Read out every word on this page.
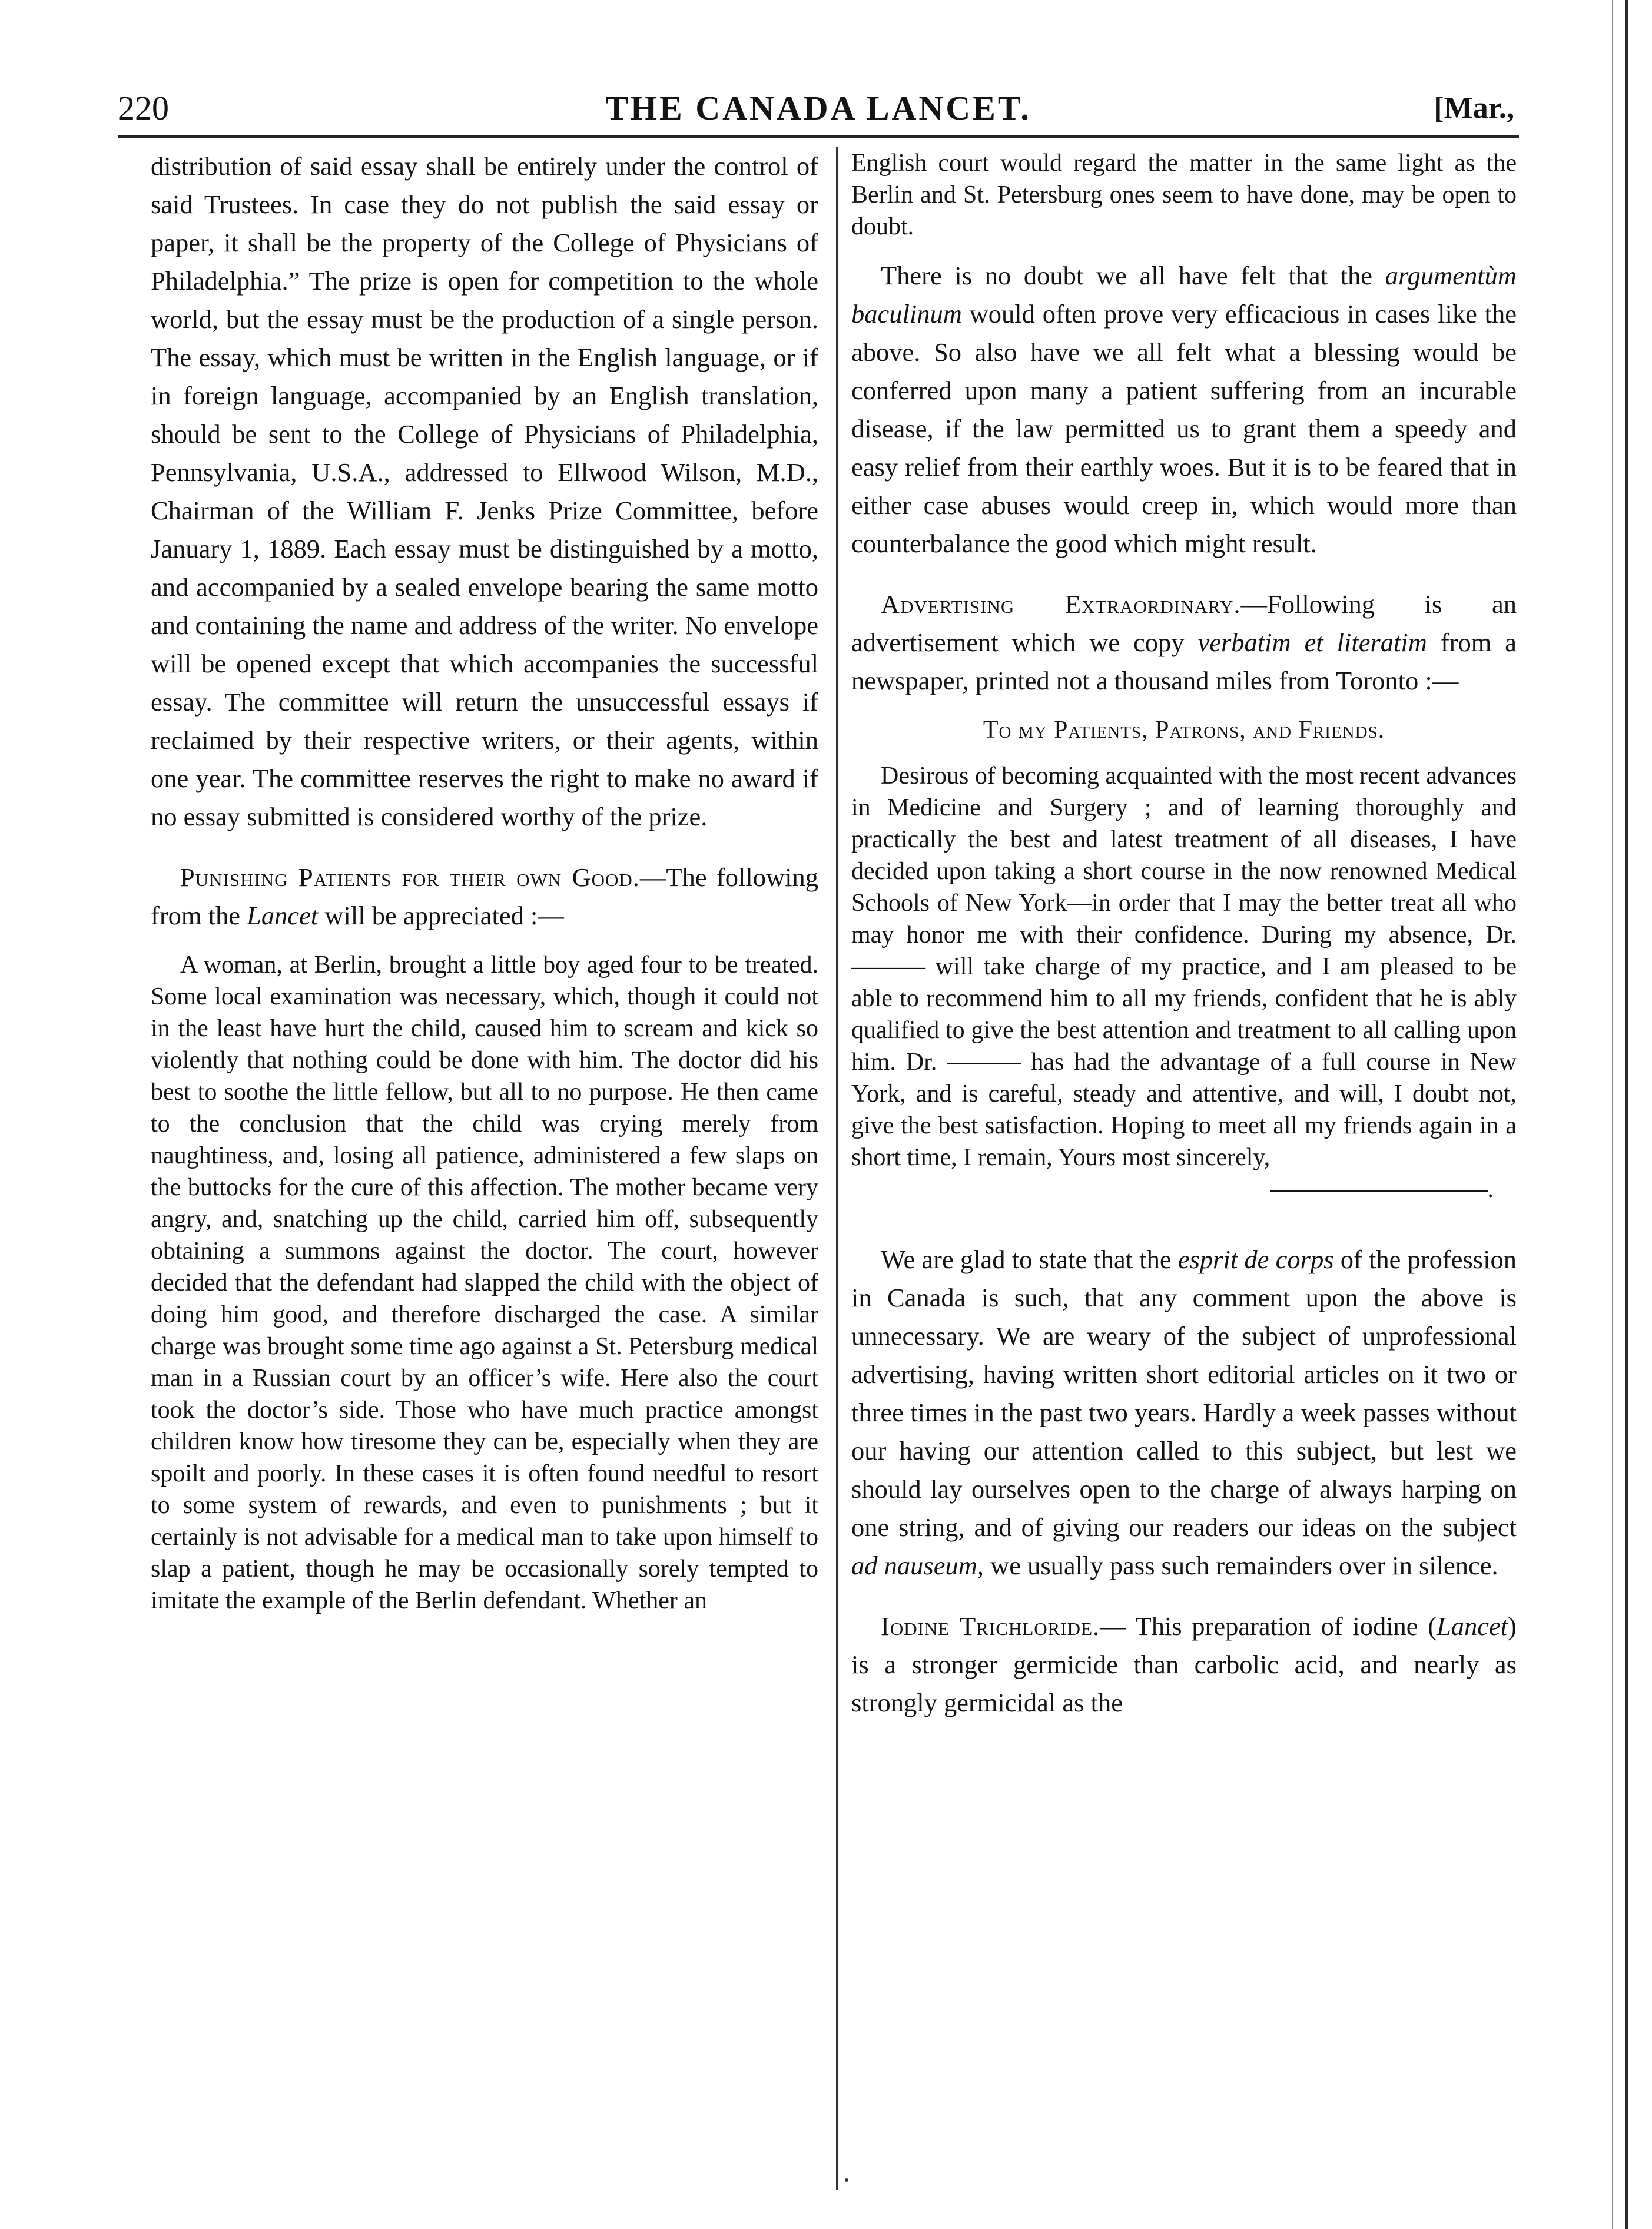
220	THE CANADA LANCET.	[Mar.,

distribution of said essay shall be entirely under the control of said Trustees. In case they do not publish the said essay or paper, it shall be the property of the College of Physicians of Philadelphia.” The prize is open for competition to the whole world, but the essay must be the production of a single person. The essay, which must be written in the English language, or if in foreign language, accompanied by an English translation, should be sent to the College of Physicians of Philadelphia, Pennsylvania, U.S.A., addressed to Ellwood Wilson, M.D., Chairman of the William F. Jenks Prize Committee, before January 1, 1889. Each essay must be distinguished by a motto, and accompanied by a sealed envelope bearing the same motto and containing the name and address of the writer. No envelope will be opened except that which accompanies the successful essay. The committee will return the unsuccessful essays if reclaimed by their respective writers, or their agents, within one year. The committee reserves the right to make no award if no essay submitted is considered worthy of the prize.

Punishing Patients for their own Good.—The following from the Lancet will be appreciated :—

A woman, at Berlin, brought a little boy aged four to be treated. Some local examination was necessary, which, though it could not in the least have hurt the child, caused him to scream and kick so violently that nothing could be done with him. The doctor did his best to soothe the little fellow, but all to no purpose. He then came to the conclusion that the child was crying merely from naughtiness, and, losing all patience, administered a few slaps on the buttocks for the cure of this affection. The mother became very angry, and, snatching up the child, carried him off, subsequently obtaining a summons against the doctor. The court, however decided that the defendant had slapped the child with the object of doing him good, and therefore discharged the case. A similar charge was brought some time ago against a St. Petersburg medical man in a Russian court by an officer’s wife. Here also the court took the doctor’s side. Those who have much practice amongst children know how tiresome they can be, especially when they are spoilt and poorly. In these cases it is often found needful to resort to some system of rewards, and even to punishments ; but it certainly is not advisable for a medical man to take upon himself to slap a patient, though he may be occasionally sorely tempted to imitate the example of the Berlin defendant. Whether an

English court would regard the matter in the same light as the Berlin and St. Petersburg ones seem to have done, may be open to doubt.

There is no doubt we all have felt that the argumentùm baculinum would often prove very efficacious in cases like the above. So also have we all felt what a blessing would be conferred upon many a patient suffering from an incurable disease, if the law permitted us to grant them a speedy and easy relief from their earthly woes. But it is to be feared that in either case abuses would creep in, which would more than counterbalance the good which might result.

Advertising Extraordinary.—Following is an advertisement which we copy verbatim et literatim from a newspaper, printed not a thousand miles from Toronto :—

To my Patients, Patrons, and Friends.

Desirous of becoming acquainted with the most recent advances in Medicine and Surgery ; and of learning thoroughly and practically the best and latest treatment of all diseases, I have decided upon taking a short course in the now renowned Medical Schools of New York—in order that I may the better treat all who may honor me with their confidence. During my absence, Dr. ——— will take charge of my practice, and I am pleased to be able to recommend him to all my friends, confident that he is ably qualified to give the best attention and treatment to all calling upon him. Dr. ——— has had the advantage of a full course in New York, and is careful, steady and attentive, and will, I doubt not, give the best satisfaction. Hoping to meet all my friends again in a short time, I remain, Yours most sincerely,

—————————.

We are glad to state that the esprit de corps of the profession in Canada is such, that any comment upon the above is unnecessary. We are weary of the subject of unprofessional advertising, having written short editorial articles on it two or three times in the past two years. Hardly a week passes without our having our attention called to this subject, but lest we should lay ourselves open to the charge of always harping on one string, and of giving our readers our ideas on the subject ad nauseum, we usually pass such remainders over in silence.

Iodine Trichloride.— This preparation of iodine (Lancet) is a stronger germicide than carbolic acid, and nearly as strongly germicidal as the
